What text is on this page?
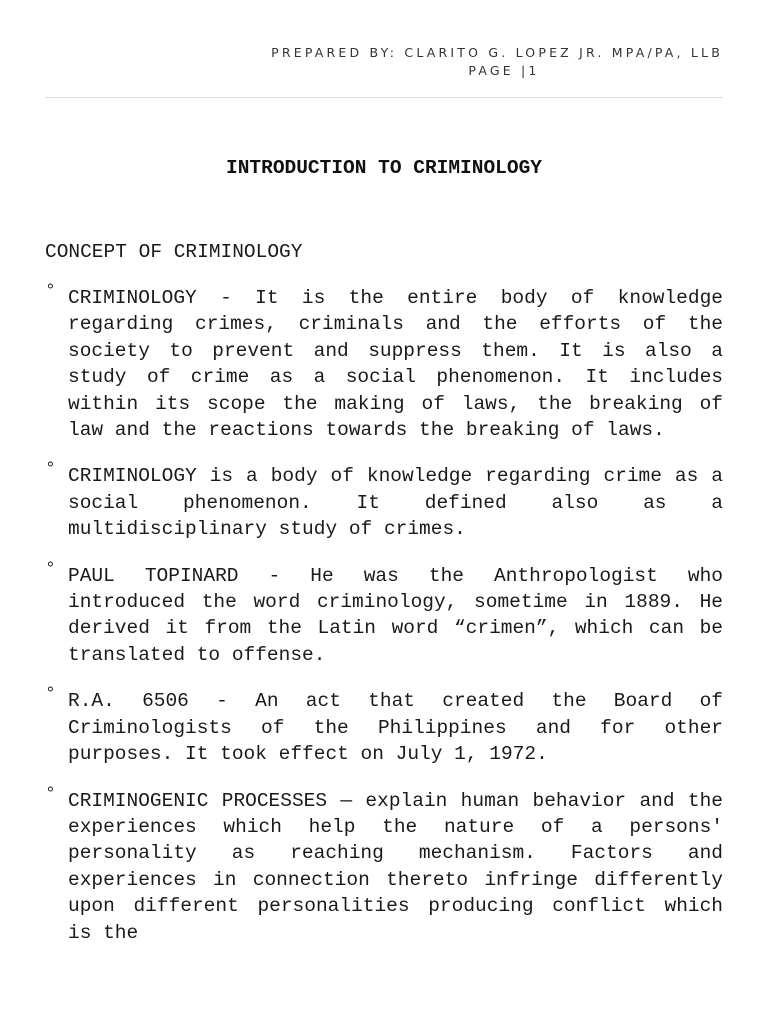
PREPARED BY: CLARITO G. LOPEZ JR. MPA/PA, LLB

PAGE |1
INTRODUCTION TO CRIMINOLOGY
CONCEPT OF CRIMINOLOGY
° CRIMINOLOGY - It is the entire body of knowledge regarding crimes, criminals and the efforts of the society to prevent and suppress them. It is also a study of crime as a social phenomenon. It includes within its scope the making of laws, the breaking of law and the reactions towards the breaking of laws.
° CRIMINOLOGY is a body of knowledge regarding crime as a social phenomenon. It defined also as a multidisciplinary study of crimes.
° PAUL TOPINARD - He was the Anthropologist who introduced the word criminology, sometime in 1889. He derived it from the Latin word “crimen”, which can be translated to offense.
° R.A. 6506 - An act that created the Board of Criminologists of the Philippines and for other purposes. It took effect on July 1, 1972.
° CRIMINOGENIC PROCESSES — explain human behavior and the experiences which help the nature of a persons' personality as reaching mechanism. Factors and experiences in connection thereto infringe differently upon different personalities producing conflict which is the
